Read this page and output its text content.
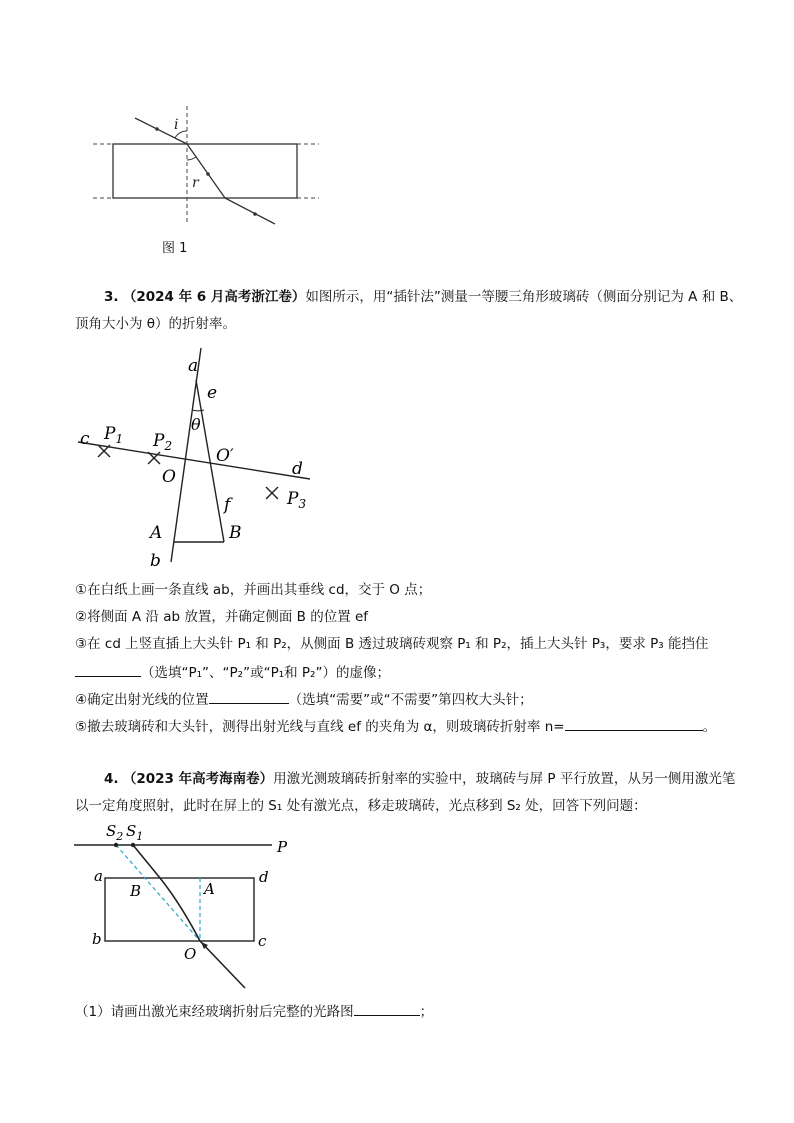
i
r
图 1
3. （2024 年 6 月高考浙江卷）如图所示，用“插针法”测量一等腰三角形玻璃砖（侧面分别记为 A 和 B、
顶角大小为 θ）的折射率。
a
e
θ
c $P_1$ $P_2$
O
O′
d
f	$P_3$
A	B
b
①在白纸上画一条直线 ab，并画出其垂线 cd，交于 O 点；
②将侧面 A 沿 ab 放置，并确定侧面 B 的位置 ef
③在 cd 上竖直插上大头针 P₁ 和 P₂，从侧面 B 透过玻璃砖观察 P₁ 和 P₂，插上大头针 P₃，要求 P₃ 能挡住
（选填“P₁”、“P₂”或“P₁和 P₂”）的虚像；
④确定出射光线的位置	（选填“需要”或“不需要”第四枚大头针；
⑤撤去玻璃砖和大头针，测得出射光线与直线 ef 的夹角为 α，则玻璃砖折射率 n=	。
4. （2023 年高考海南卷）用激光测玻璃砖折射率的实验中，玻璃砖与屏 P 平行放置，从另一侧用激光笔
以一定角度照射，此时在屏上的 S₁ 处有激光点，移走玻璃砖，光点移到 S₂ 处，回答下列问题：
$S_2$ $S_1$
P
a	d
B	A
b	c
O
（1）请画出激光束经玻璃折射后完整的光路图	；
